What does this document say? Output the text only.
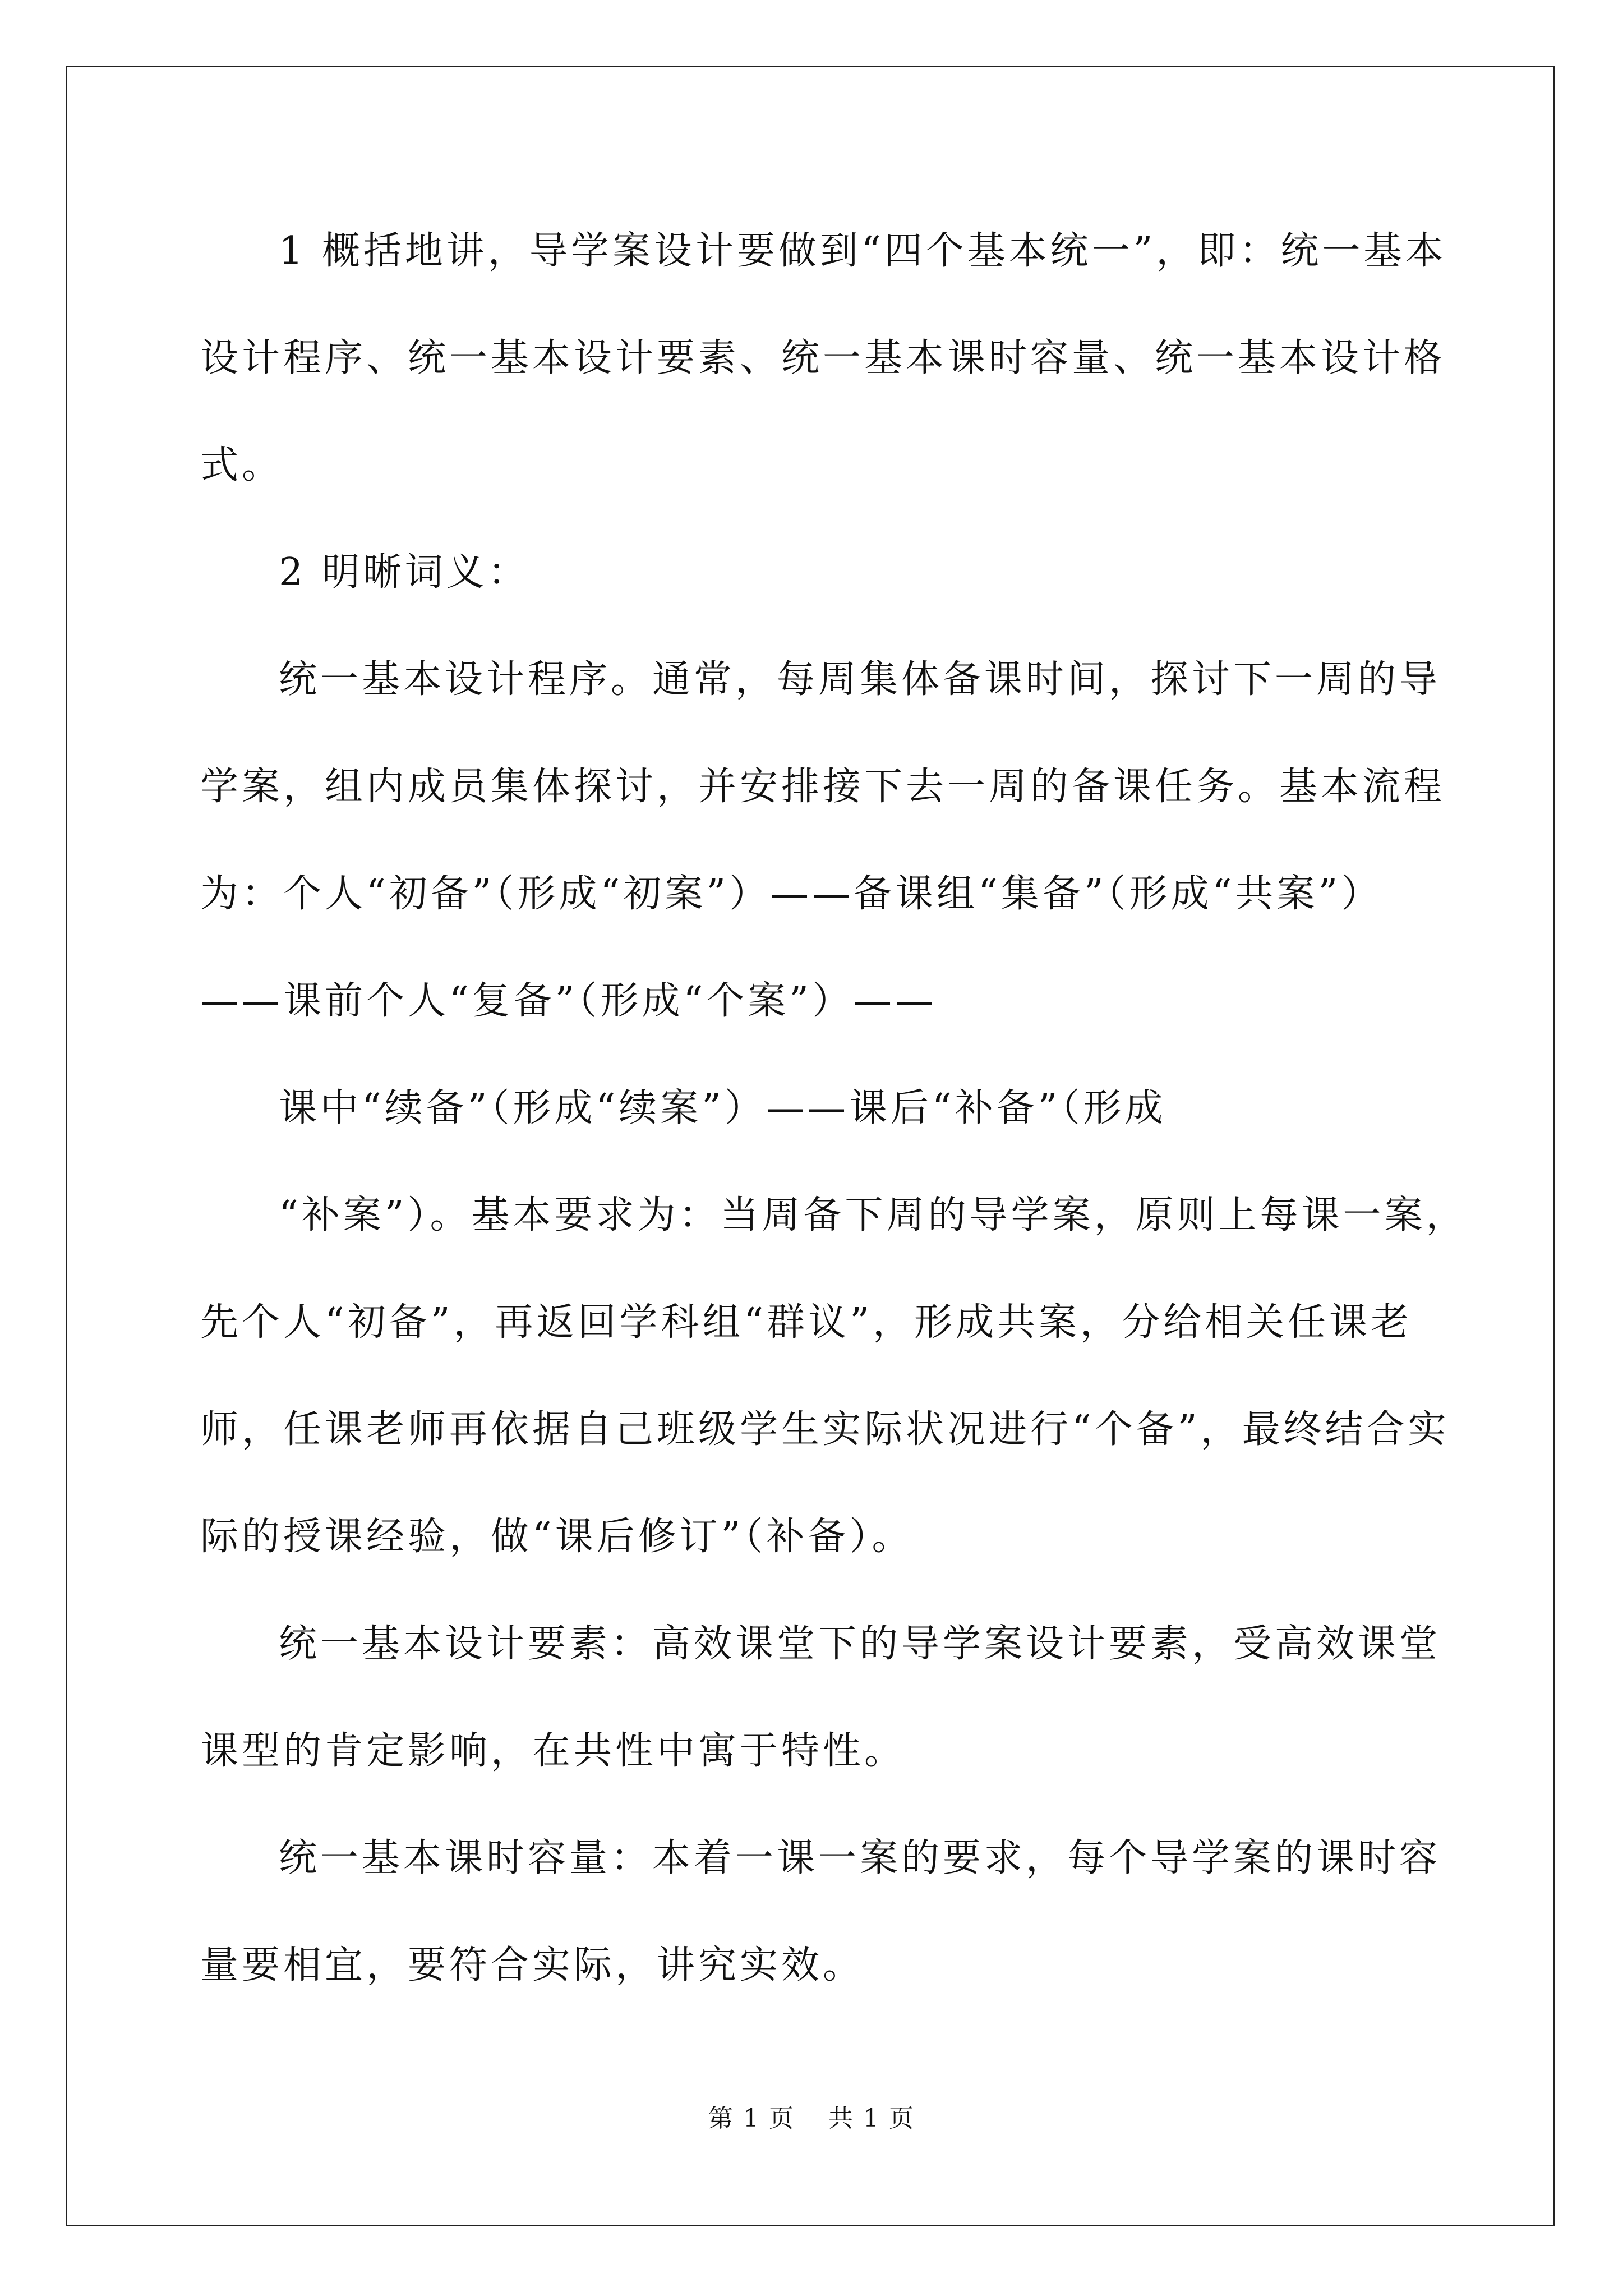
1 概括地讲，导学案设计要做到“四个基本统一”，即：统一基本
设计程序、统一基本设计要素、统一基本课时容量、统一基本设计格
式。
2 明晰词义：
统一基本设计程序。通常，每周集体备课时间，探讨下一周的导
学案，组内成员集体探讨，并安排接下去一周的备课任务。基本流程
为：个人“初备”（形成“初案”）——备课组“集备”（形成“共案”）
——课前个人“复备”（形成“个案”）——
课中“续备”（形成“续案”）——课后“补备”（形成
“补案”）。基本要求为：当周备下周的导学案，原则上每课一案，
先个人“初备”，再返回学科组“群议”，形成共案，分给相关任课老
师，任课老师再依据自己班级学生实际状况进行“个备”，最终结合实
际的授课经验，做“课后修订”（补备）。
统一基本设计要素：高效课堂下的导学案设计要素，受高效课堂
课型的肯定影响，在共性中寓于特性。
统一基本课时容量：本着一课一案的要求，每个导学案的课时容
量要相宜，要符合实际，讲究实效。
第 1 页 共 1 页
